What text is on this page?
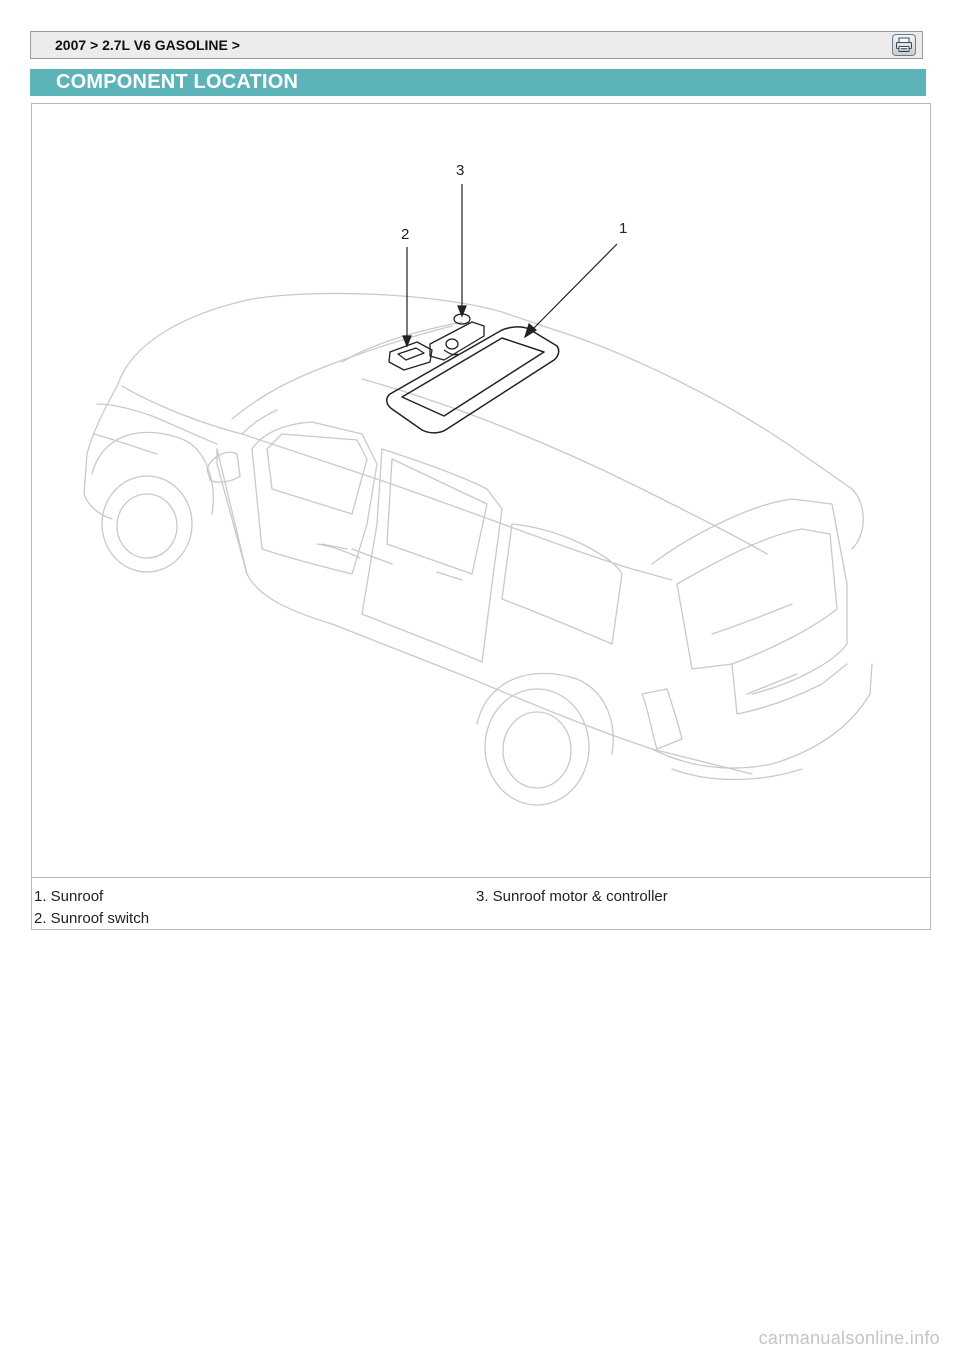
2007 > 2.7L V6 GASOLINE >
COMPONENT LOCATION
3
2	1
1. Sunroof
2. Sunroof switch
3. Sunroof motor & controller
carmanualsonline.info
